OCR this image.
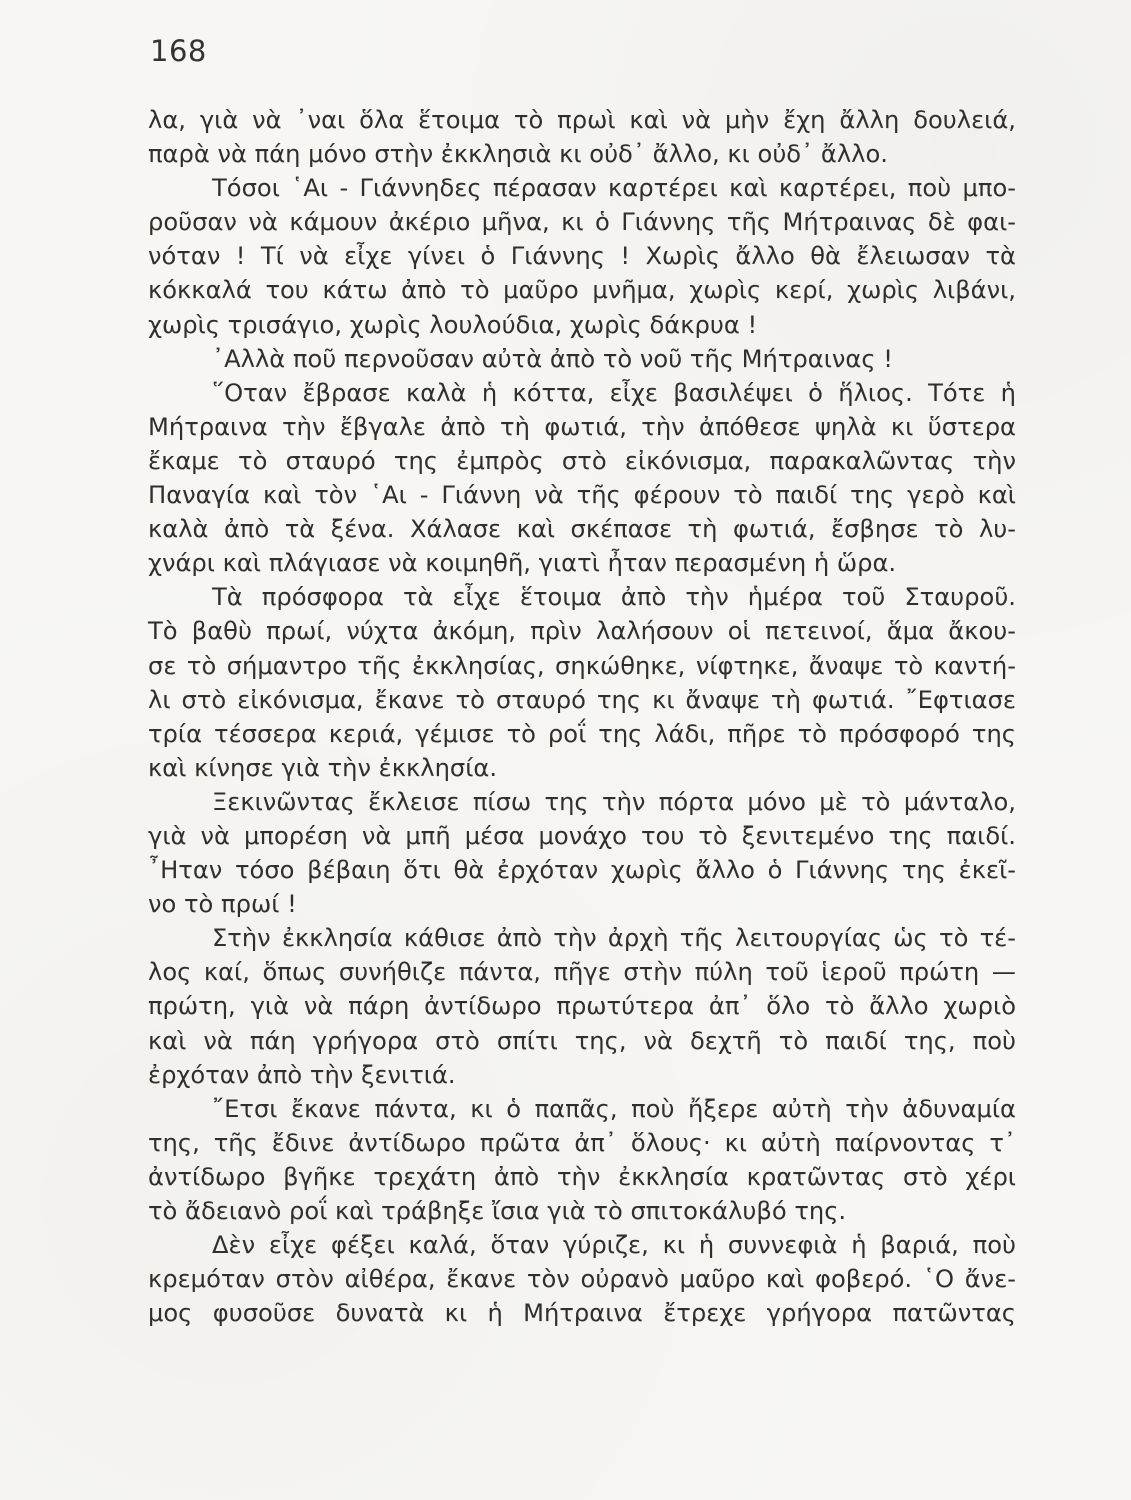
168
λα, γιὰ νὰ ᾽ναι ὅλα ἕτοιμα τὸ πρωὶ καὶ νὰ μὴν ἔχη ἄλλη δουλειά,
παρὰ νὰ πάη μόνο στὴν ἐκκλησιὰ κι οὐδ᾽ ἄλλο, κι οὐδ᾽ ἄλλο.
Τόσοι ῾Αι - Γιάννηδες πέρασαν καρτέρει καὶ καρτέρει, ποὺ μπο-
ροῦσαν νὰ κάμουν ἀκέριο μῆνα, κι ὁ Γιάννης τῆς Μήτραινας δὲ φαι-
νόταν ! Τί νὰ εἶχε γίνει ὁ Γιάννης ! Χωρὶς ἄλλο θὰ ἔλειωσαν τὰ
κόκκαλά του κάτω ἀπὸ τὸ μαῦρο μνῆμα, χωρὶς κερί, χωρὶς λιβάνι,
χωρὶς τρισάγιο, χωρὶς λουλούδια, χωρὶς δάκρυα !
᾽Αλλὰ ποῦ περνοῦσαν αὐτὰ ἀπὸ τὸ νοῦ τῆς Μήτραινας !
῞Οταν ἔβρασε καλὰ ἡ κόττα, εἶχε βασιλέψει ὁ ἥλιος. Τότε ἡ
Μήτραινα τὴν ἔβγαλε ἀπὸ τὴ φωτιά, τὴν ἀπόθεσε ψηλὰ κι ὕστερα
ἔκαμε τὸ σταυρό της ἐμπρὸς στὸ εἰκόνισμα, παρακαλῶντας τὴν
Παναγία καὶ τὸν ῾Αι - Γιάννη νὰ τῆς φέρουν τὸ παιδί της γερὸ καὶ
καλὰ ἀπὸ τὰ ξένα. Χάλασε καὶ σκέπασε τὴ φωτιά, ἔσβησε τὸ λυ-
χνάρι καὶ πλάγιασε νὰ κοιμηθῆ, γιατὶ ἦταν περασμένη ἡ ὥρα.
Τὰ πρόσφορα τὰ εἶχε ἕτοιμα ἀπὸ τὴν ἡμέρα τοῦ Σταυροῦ.
Τὸ βαθὺ πρωί, νύχτα ἀκόμη, πρὶν λαλήσουν οἱ πετεινοί, ἅμα ἄκου-
σε τὸ σήμαντρο τῆς ἐκκλησίας, σηκώθηκε, νίφτηκε, ἄναψε τὸ καντή-
λι στὸ εἰκόνισμα, ἔκανε τὸ σταυρό της κι ἄναψε τὴ φωτιά. ῎Εφτιασε
τρία τέσσερα κεριά, γέμισε τὸ ροΐ της λάδι, πῆρε τὸ πρόσφορό της
καὶ κίνησε γιὰ τὴν ἐκκλησία.
Ξεκινῶντας ἔκλεισε πίσω της τὴν πόρτα μόνο μὲ τὸ μάνταλο,
γιὰ νὰ μπορέση νὰ μπῆ μέσα μονάχο του τὸ ξενιτεμένο της παιδί.
῏Ηταν τόσο βέβαιη ὅτι θὰ ἐρχόταν χωρὶς ἄλλο ὁ Γιάννης της ἐκεῖ-
νο τὸ πρωί !
Στὴν ἐκκλησία κάθισε ἀπὸ τὴν ἀρχὴ τῆς λειτουργίας ὡς τὸ τέ-
λος καί, ὅπως συνήθιζε πάντα, πῆγε στὴν πύλη τοῦ ἱεροῦ πρώτη —
πρώτη, γιὰ νὰ πάρη ἀντίδωρο πρωτύτερα ἀπ᾽ ὅλο τὸ ἄλλο χωριὸ
καὶ νὰ πάη γρήγορα στὸ σπίτι της, νὰ δεχτῆ τὸ παιδί της, ποὺ
ἐρχόταν ἀπὸ τὴν ξενιτιά.
῎Ετσι ἔκανε πάντα, κι ὁ παπᾶς, ποὺ ἤξερε αὐτὴ τὴν ἀδυναμία
της, τῆς ἔδινε ἀντίδωρο πρῶτα ἀπ᾽ ὅλους· κι αὐτὴ παίρνοντας τ᾽
ἀντίδωρο βγῆκε τρεχάτη ἀπὸ τὴν ἐκκλησία κρατῶντας στὸ χέρι
τὸ ἄδειανὸ ροΐ καὶ τράβηξε ἴσια γιὰ τὸ σπιτοκάλυβό της.
Δὲν εἶχε φέξει καλά, ὅταν γύριζε, κι ἡ συννεφιὰ ἡ βαριά, ποὺ
κρεμόταν στὸν αἰθέρα, ἔκανε τὸν οὐρανὸ μαῦρο καὶ φοβερό. ῾Ο ἄνε-
μος φυσοῦσε δυνατὰ κι ἡ Μήτραινα ἔτρεχε γρήγορα πατῶντας
